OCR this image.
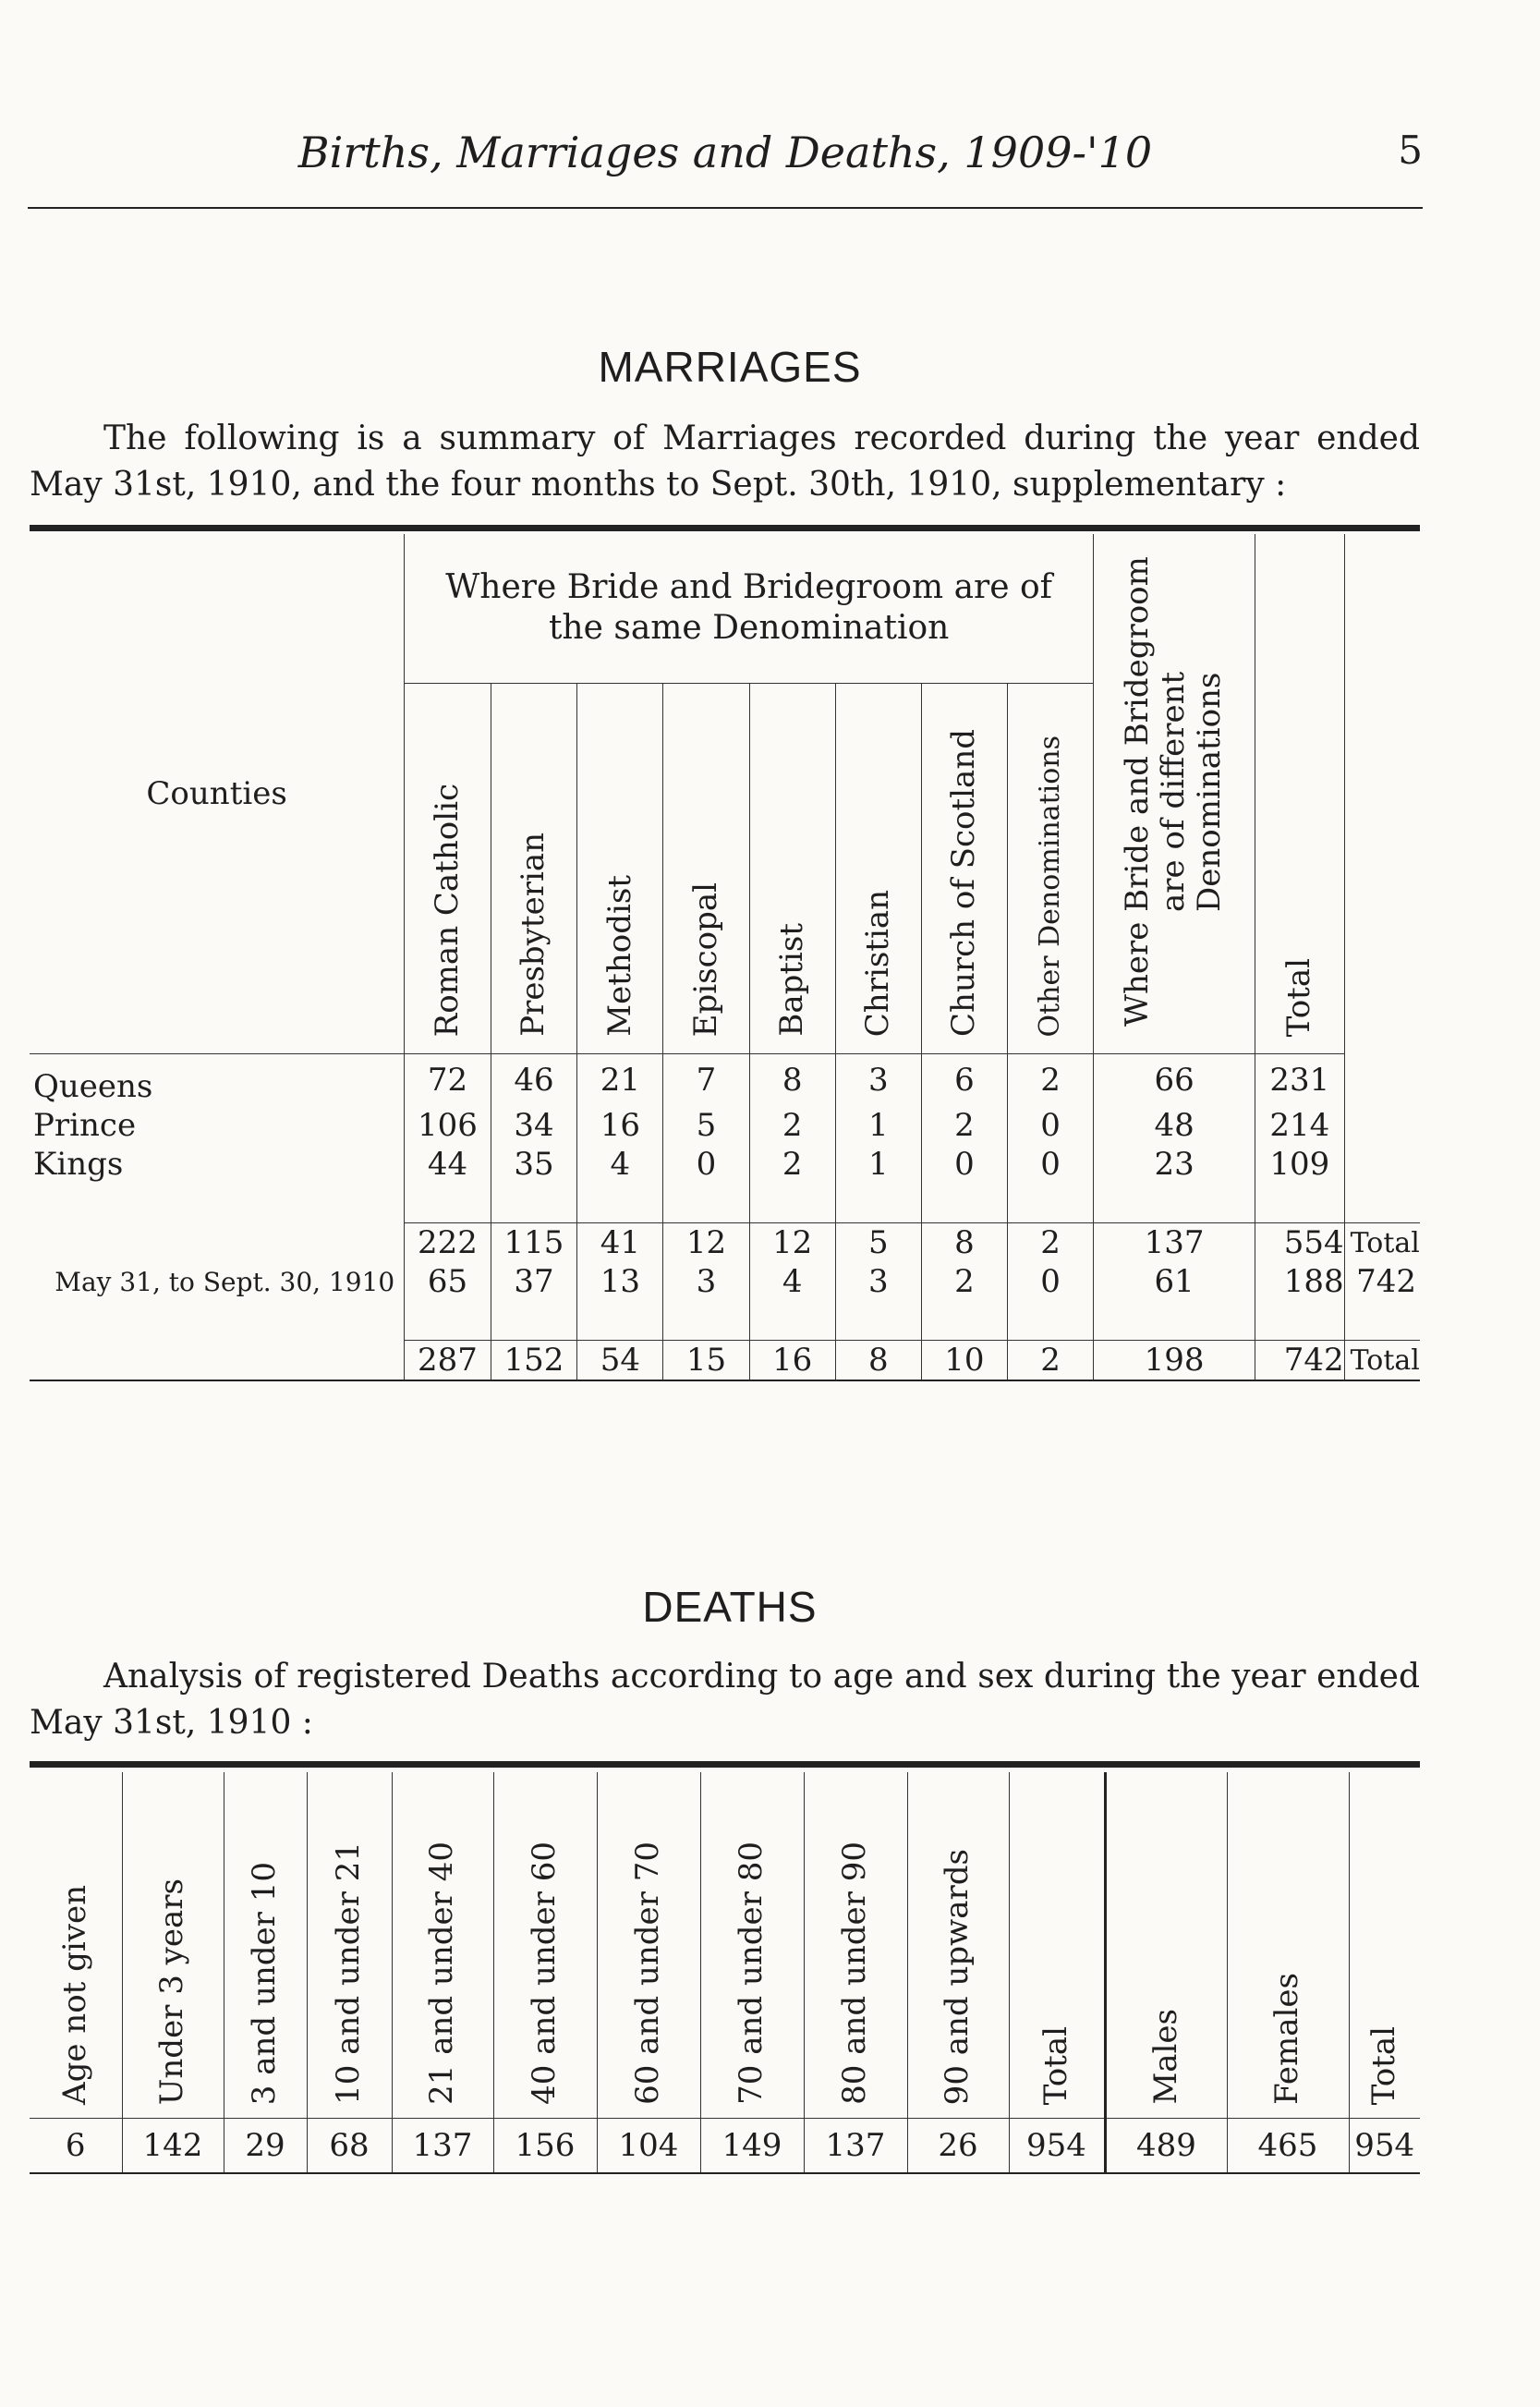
Births, Marriages and Deaths, 1909-'10	5
MARRIAGES
The following is a summary of Marriages recorded during the year ended May 31st, 1910, and the four months to Sept. 30th, 1910, supplementary :
Counties	Where Bride and Bridegroom are of the same Denomination								Where Bride and Bridegroom are of different Denominations	Total	

	Roman Catholic	Presbyterian	Methodist	Episcopal	Baptist	Christian	Church of Scotland	Other Denominations			

Queens	72	46	21	7	8	3	6	2	66	231	
Prince	106	34	16	5	2	1	2	0	48	214	
Kings	44	35	4	0	2	1	0	0	23	109	

	222	115	41	12	12	5	8	2	137	554	Total
May 31, to Sept. 30, 1910	65	37	13	3	4	3	2	0	61	188	742

	287	152	54	15	16	8	10	2	198	742	Total
DEATHS
Analysis of registered Deaths according to age and sex during the year ended May 31st, 1910 :
Age not given	Under 3 years	3 and under 10	10 and under 21	21 and under 40	40 and under 60	60 and under 70	70 and under 80	80 and under 90	90 and upwards	Total	Males	Females	Total

6	142	29	68	137	156	104	149	137	26	954	489	465	954
